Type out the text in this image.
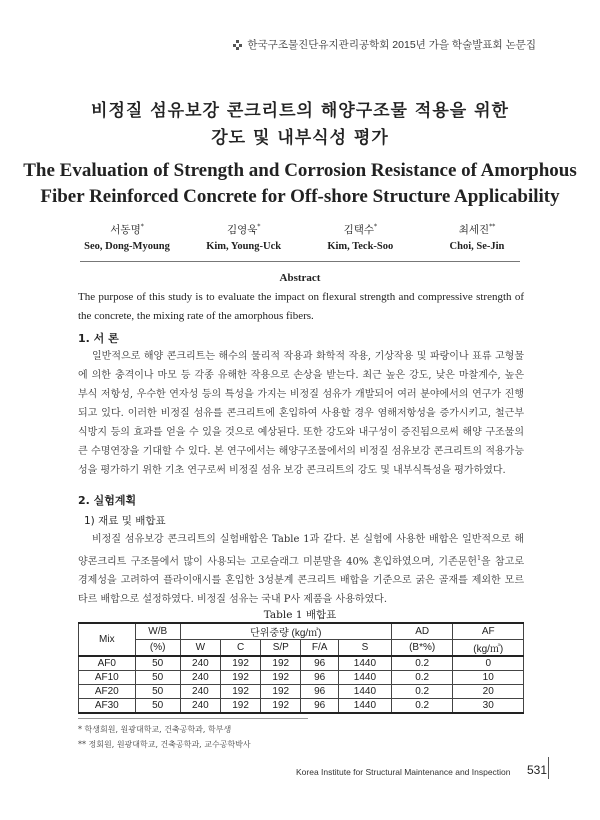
한국구조물진단유지관리공학회 2015년 가을 학술발표회 논문집
비정질 섬유보강 콘크리트의 해양구조물 적용을 위한
강도 및 내부식성 평가
The Evaluation of Strength and Corrosion Resistance of Amorphous
Fiber Reinforced Concrete for Off-shore Structure Applicability
서동명*
Seo, Dong-Myoung
김영욱*
Kim, Young-Uck
김택수*
Kim, Teck-Soo
최세진**
Choi, Se-Jin
Abstract
The purpose of this study is to evaluate the impact on flexural strength and compressive strength of the concrete, the mixing rate of the amorphous fibers.
1. 서 론

일반적으로 해양 콘크리트는 해수의 물리적 작용과 화학적 작용, 기상작용 및 파랑이나 표류 고형물에 의한 충격이나 마모 등 각종 유해한 작용으로 손상을 받는다. 최근 높은 강도, 낮은 마찰계수, 높은 부식 저항성, 우수한 연자성 등의 특성을 가지는 비정질 섬유가 개발되어 여러 분야에서의 연구가 진행되고 있다. 이러한 비정질 섬유를 콘크리트에 혼입하여 사용할 경우 염해저항성을 증가시키고, 철근부식방지 등의 효과를 얻을 수 있을 것으로 예상된다. 또한 강도와 내구성이 증진됨으로써 해양 구조물의 큰 수명연장을 기대할 수 있다. 본 연구에서는 해양구조물에서의 비정질 섬유보강 콘크리트의 적용가능성을 평가하기 위한 기초 연구로써 비정질 섬유 보강 콘크리트의 강도 및 내부식특성을 평가하였다.

2. 실험계획
1) 재료 및 배합표

비정질 섬유보강 콘크리트의 실험배합은 Table 1과 같다. 본 실험에 사용한 배합은 일반적으로 해양콘크리트 구조물에서 많이 사용되는 고로슬래그 미분말을 40% 혼입하였으며, 기존문헌$^1$을 참고로 경제성을 고려하여 플라이애시를 혼입한 3성분계 콘크리트 배합을 기준으로 굵은 골재를 제외한 모르타르 배합으로 설정하였다. 비정질 섬유는 국내 P사 제품을 사용하였다.

Table 1 배합표
Mix	W/B	단위중량 (kg/㎥)					AD	AF
	(%)	W	C	S/P	F/A	S	(B*%)	(kg/㎥)
AF0	50	240	192	192	96	1440	0.2	0
AF10	50	240	192	192	96	1440	0.2	10
AF20	50	240	192	192	96	1440	0.2	20
AF30	50	240	192	192	96	1440	0.2	30
* 학생회원, 원광대학교, 건축공학과, 학부생
** 정회원, 원광대학교, 건축공학과, 교수공학박사
Korea Institute for Structural Maintenance and Inspection 531
